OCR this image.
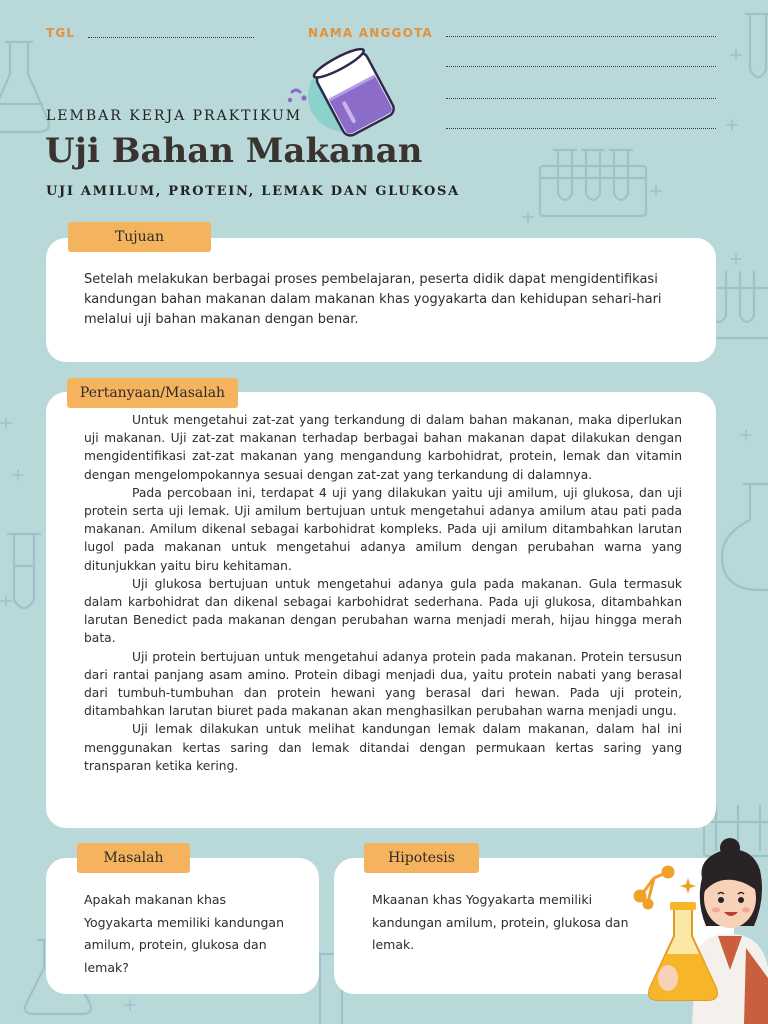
TGL	NAMA ANGGOTA
LEMBAR KERJA PRAKTIKUM
Uji Bahan Makanan
UJI AMILUM, PROTEIN, LEMAK DAN GLUKOSA
Tujuan
Setelah melakukan berbagai proses pembelajaran, peserta didik dapat mengidentifikasi kandungan bahan makanan dalam makanan khas yogyakarta dan kehidupan sehari-hari melalui uji bahan makanan dengan benar.
Pertanyaan/Masalah

Untuk mengetahui zat-zat yang terkandung di dalam bahan makanan, maka diperlukan uji makanan. Uji zat-zat makanan terhadap berbagai bahan makanan dapat dilakukan dengan mengidentifikasi zat-zat makanan yang mengandung karbohidrat, protein, lemak dan vitamin dengan mengelompokannya sesuai dengan zat-zat yang terkandung di dalamnya.

Pada percobaan ini, terdapat 4 uji yang dilakukan yaitu uji amilum, uji glukosa, dan uji protein serta uji lemak. Uji amilum bertujuan untuk mengetahui adanya amilum atau pati pada makanan. Amilum dikenal sebagai karbohidrat kompleks. Pada uji amilum ditambahkan larutan lugol pada makanan untuk mengetahui adanya amilum dengan perubahan warna yang ditunjukkan yaitu biru kehitaman.

Uji glukosa bertujuan untuk mengetahui adanya gula pada makanan. Gula termasuk dalam karbohidrat dan dikenal sebagai karbohidrat sederhana. Pada uji glukosa, ditambahkan larutan Benedict pada makanan dengan perubahan warna menjadi merah, hijau hingga merah bata.

Uji protein bertujuan untuk mengetahui adanya protein pada makanan. Protein tersusun dari rantai panjang asam amino. Protein dibagi menjadi dua, yaitu protein nabati yang berasal dari tumbuh-tumbuhan dan protein hewani yang berasal dari hewan. Pada uji protein, ditambahkan larutan biuret pada makanan akan menghasilkan perubahan warna menjadi ungu.

Uji lemak dilakukan untuk melihat kandungan lemak dalam makanan, dalam hal ini menggunakan kertas saring dan lemak ditandai dengan permukaan kertas saring yang transparan ketika kering.

Masalah
Apakah makanan khas Yogyakarta memiliki kandungan amilum, protein, glukosa dan lemak?
Hipotesis
Mkaanan khas Yogyakarta memiliki kandungan amilum, protein, glukosa dan lemak.
